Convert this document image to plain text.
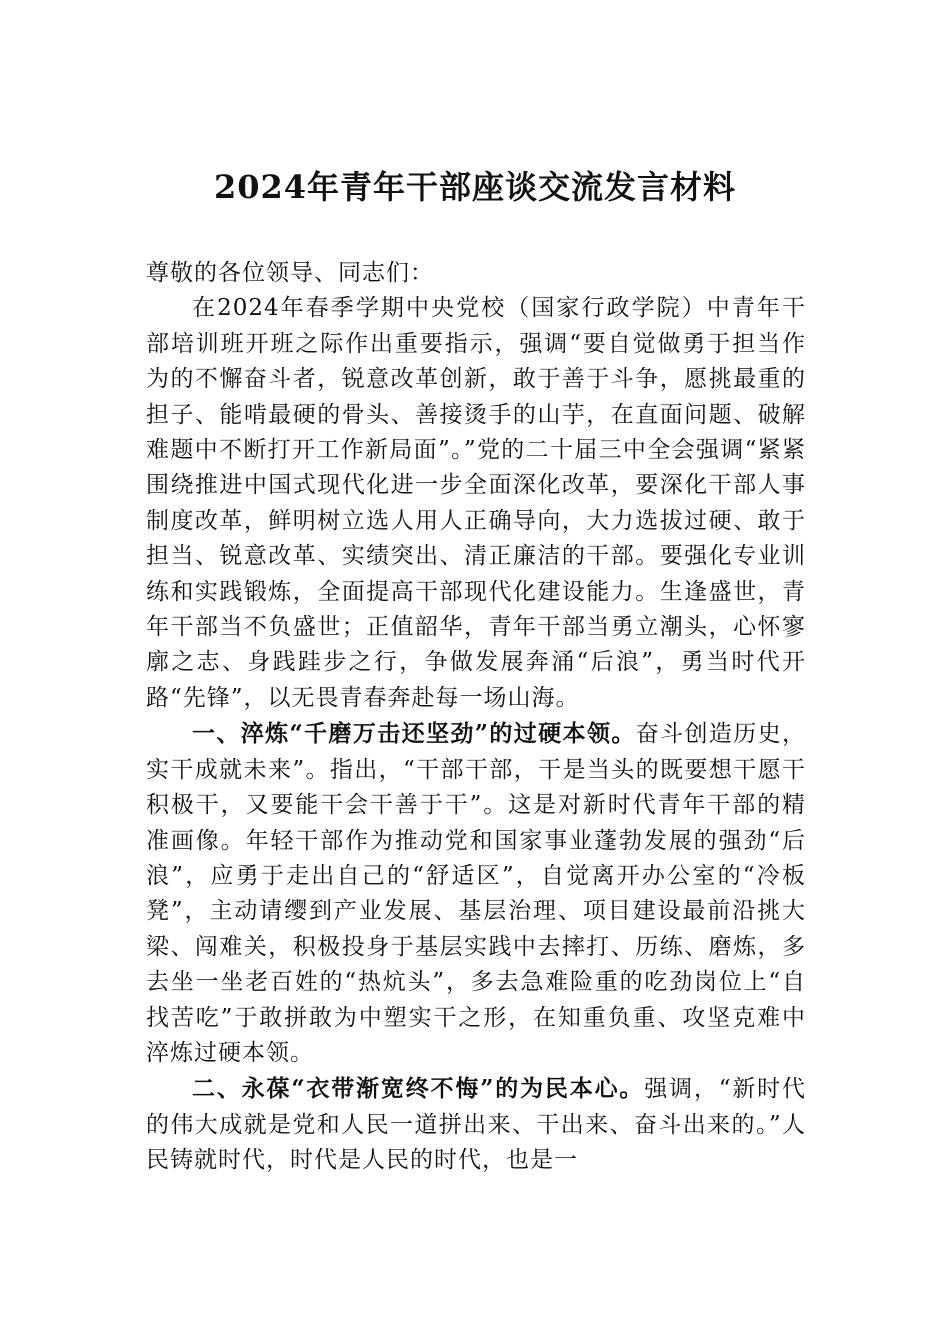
2024年青年干部座谈交流发言材料

尊敬的各位领导、同志们：

在2024年春季学期中央党校（国家行政学院）中青年干部培训班开班之际作出重要指示，强调“要自觉做勇于担当作为的不懈奋斗者，锐意改革创新，敢于善于斗争，愿挑最重的担子、能啃最硬的骨头、善接烫手的山芋，在直面问题、破解难题中不断打开工作新局面”。”党的二十届三中全会强调“紧紧围绕推进中国式现代化进一步全面深化改革，要深化干部人事制度改革，鲜明树立选人用人正确导向，大力选拔过硬、敢于担当、锐意改革、实绩突出、清正廉洁的干部。要强化专业训练和实践锻炼，全面提高干部现代化建设能力。生逢盛世，青年干部当不负盛世；正值韶华，青年干部当勇立潮头，心怀寥廓之志、身践跬步之行，争做发展奔涌“后浪”，勇当时代开路“先锋”，以无畏青春奔赴每一场山海。

一、淬炼“千磨万击还坚劲”的过硬本领。奋斗创造历史，实干成就未来”。指出，“干部干部，干是当头的既要想干愿干积极干，又要能干会干善于干”。这是对新时代青年干部的精准画像。年轻干部作为推动党和国家事业蓬勃发展的强劲“后浪”，应勇于走出自己的“舒适区”，自觉离开办公室的“冷板凳”，主动请缨到产业发展、基层治理、项目建设最前沿挑大梁、闯难关，积极投身于基层实践中去摔打、历练、磨炼，多去坐一坐老百姓的“热炕头”，多去急难险重的吃劲岗位上“自找苦吃”于敢拼敢为中塑实干之形，在知重负重、攻坚克难中淬炼过硬本领。

二、永葆“衣带渐宽终不悔”的为民本心。强调，“新时代的伟大成就是党和人民一道拼出来、干出来、奋斗出来的。”人民铸就时代，时代是人民的时代，也是一
